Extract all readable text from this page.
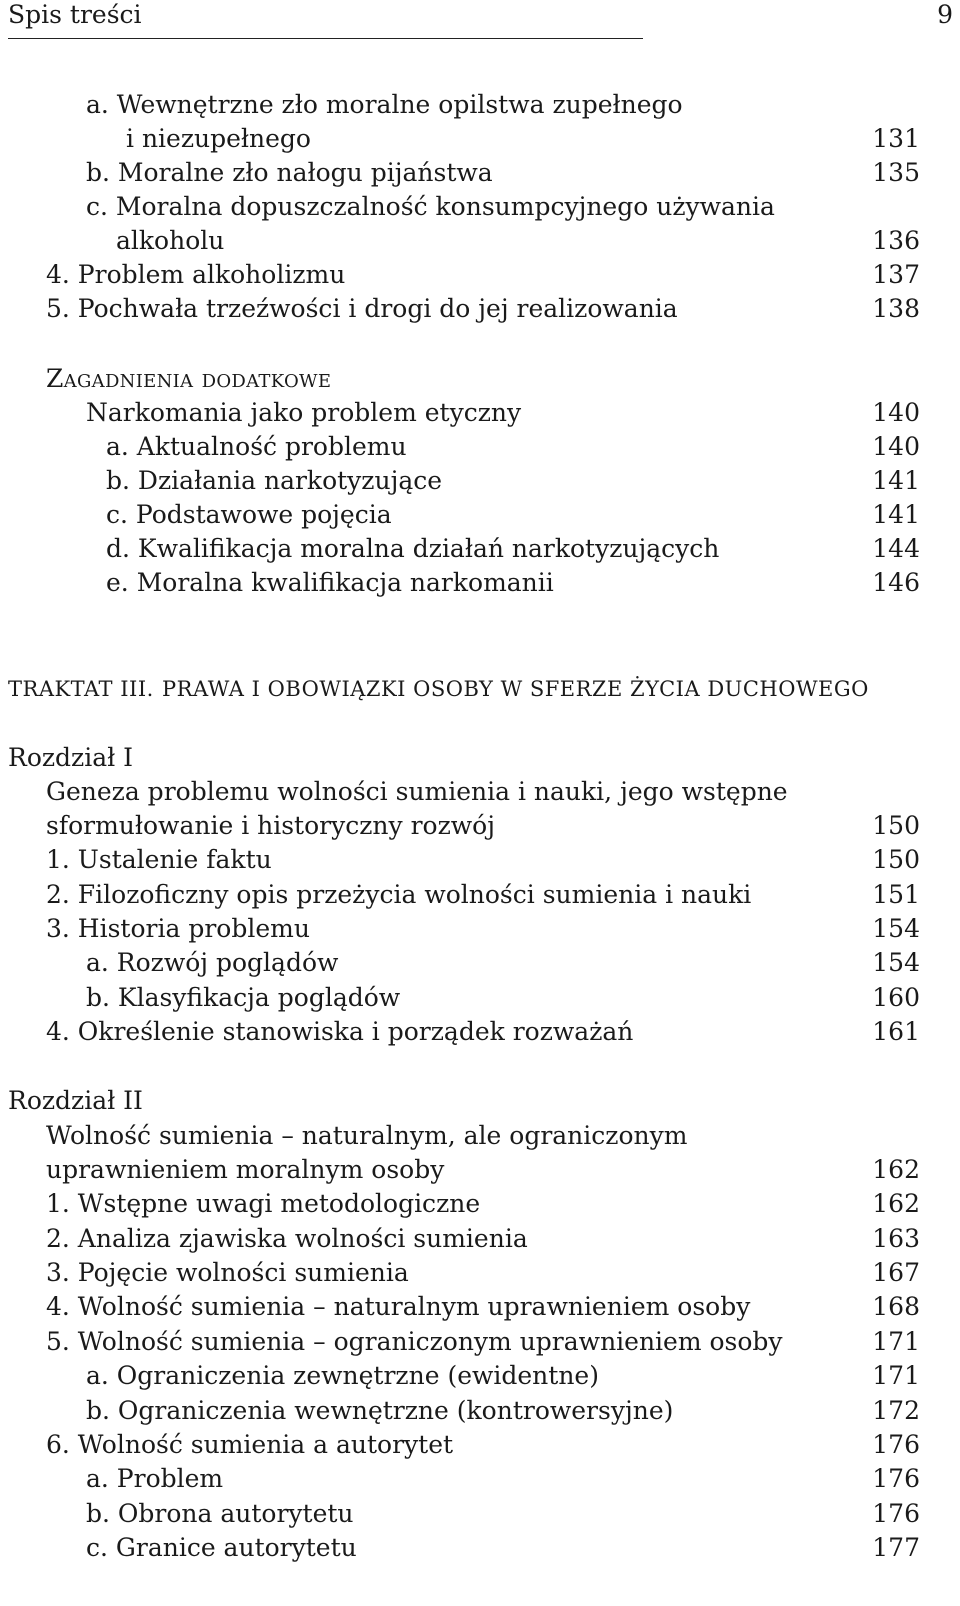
Spis treści	9
a. Wewnętrzne zło moralne opilstwa zupełnego
i niezupełnego	131
b. Moralne zło nałogu pijaństwa	135
c. Moralna dopuszczalność konsumpcyjnego używania
alkoholu	136
4. Problem alkoholizmu	137
5. Pochwała trzeźwości i drogi do jej realizowania	138
Zagadnienia dodatkowe
Narkomania jako problem etyczny	140
a. Aktualność problemu	140
b. Działania narkotyzujące	141
c. Podstawowe pojęcia	141
d. Kwalifikacja moralna działań narkotyzujących	144
e. Moralna kwalifikacja narkomanii	146
TRAKTAT III. PRAWA I OBOWIĄZKI OSOBY W SFERZE ŻYCIA DUCHOWEGO
Rozdział I
Geneza problemu wolności sumienia i nauki, jego wstępne
sformułowanie i historyczny rozwój	150
1. Ustalenie faktu	150
2. Filozoficzny opis przeżycia wolności sumienia i nauki	151
3. Historia problemu	154
a. Rozwój poglądów	154
b. Klasyfikacja poglądów	160
4. Określenie stanowiska i porządek rozważań	161
Rozdział II
Wolność sumienia – naturalnym, ale ograniczonym
uprawnieniem moralnym osoby	162
1. Wstępne uwagi metodologiczne	162
2. Analiza zjawiska wolności sumienia	163
3. Pojęcie wolności sumienia	167
4. Wolność sumienia – naturalnym uprawnieniem osoby	168
5. Wolność sumienia – ograniczonym uprawnieniem osoby	171
a. Ograniczenia zewnętrzne (ewidentne)	171
b. Ograniczenia wewnętrzne (kontrowersyjne)	172
6. Wolność sumienia a autorytet	176
a. Problem	176
b. Obrona autorytetu	176
c. Granice autorytetu	177
